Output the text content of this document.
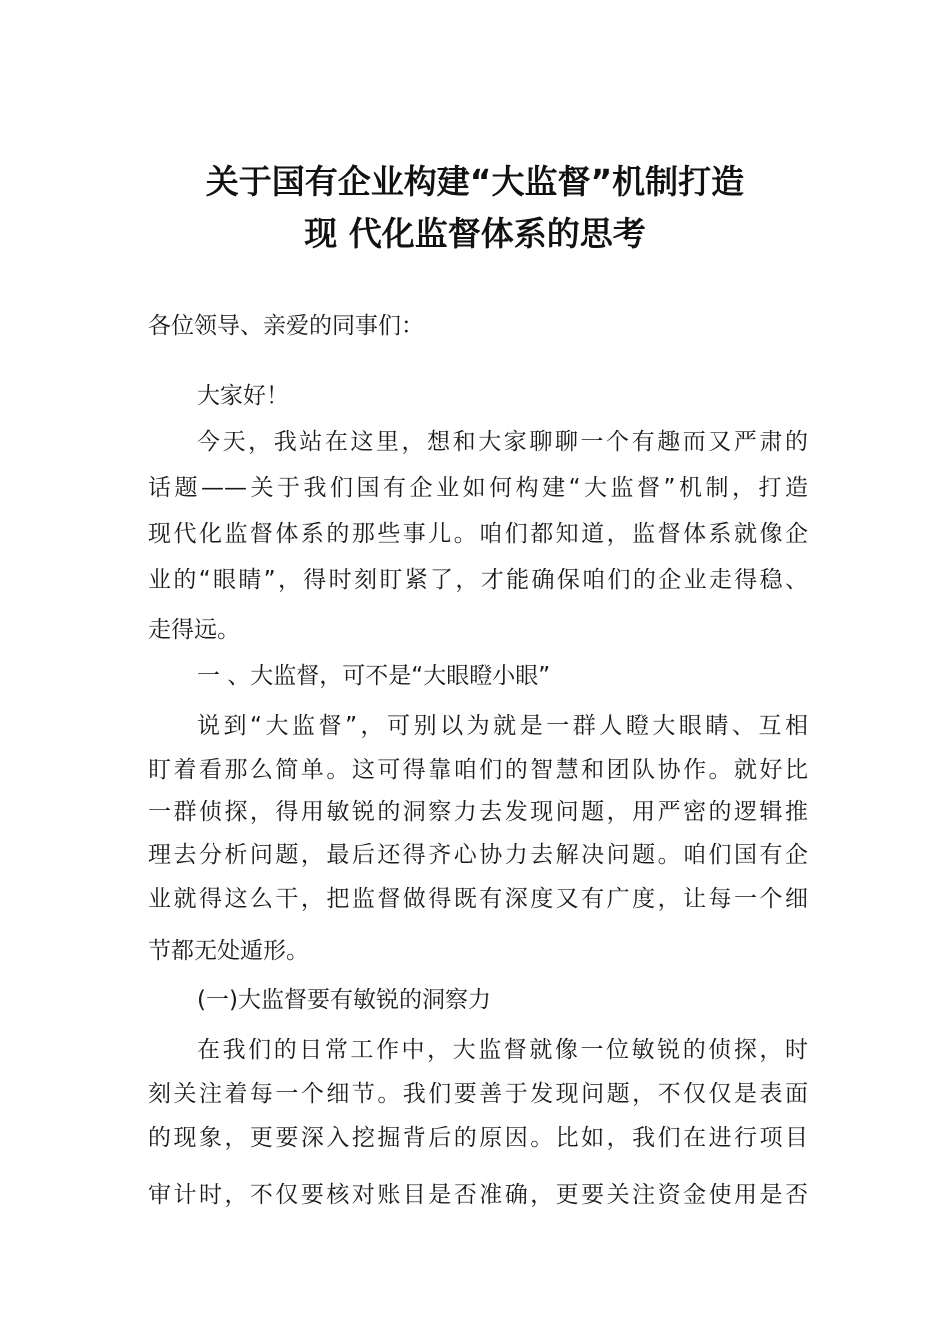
关于国有企业构建“大监督”机制打造
现 代化监督体系的思考

各位领导、亲爱的同事们：

大家好！

今天，我站在这里，想和大家聊聊一个有趣而又严肃的

话题——关于我们国有企业如何构建“大监督”机制，打造

现代化监督体系的那些事儿。咱们都知道，监督体系就像企

业的“眼睛”，得时刻盯紧了，才能确保咱们的企业走得稳、

走得远。

一 、大监督，可不是“大眼瞪小眼”

说到“大监督”，可别以为就是一群人瞪大眼睛、互相

盯着看那么简单。这可得靠咱们的智慧和团队协作。就好比

一群侦探，得用敏锐的洞察力去发现问题，用严密的逻辑推

理去分析问题，最后还得齐心协力去解决问题。咱们国有企

业就得这么干，把监督做得既有深度又有广度，让每一个细

节都无处遁形。

(一)大监督要有敏锐的洞察力

在我们的日常工作中，大监督就像一位敏锐的侦探，时

刻关注着每一个细节。我们要善于发现问题，不仅仅是表面

的现象，更要深入挖掘背后的原因。比如，我们在进行项目

审计时，不仅要核对账目是否准确，更要关注资金使用是否
